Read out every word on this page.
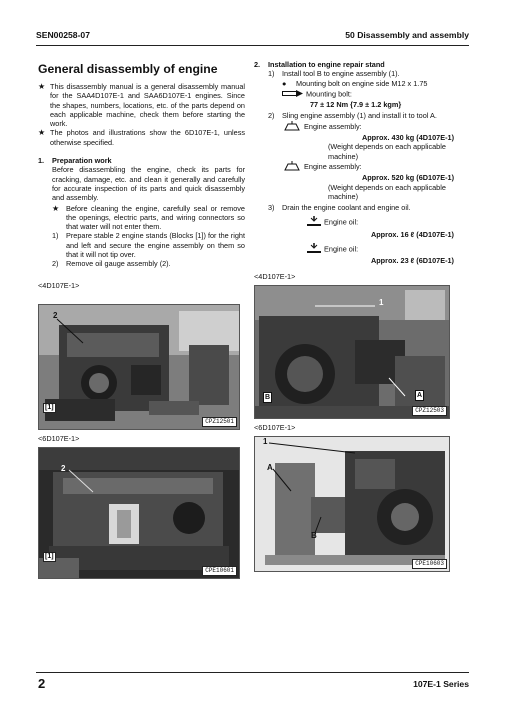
SEN00258-07	50 Disassembly and assembly
General disassembly of engine
★ This disassembly manual is a general disassembly manual for the SAA4D107E-1 and SAA6D107E-1 engines. Since the shapes, numbers, locations, etc. of the parts depend on each applicable machine, check them before starting the work.

★ The photos and illustrations show the 6D107E-1, unless otherwise specified.

1.	Preparation work

Before disassembling the engine, check its parts for cracking, damage, etc. and clean it generally and carefully for accurate inspection of its parts and quick disassembly and assembly.

★ Before cleaning the engine, carefully seal or remove the openings, electric parts, and wiring connectors so that water will not enter them.

1)	Prepare stable 2 engine stands (Blocks [1]) for the right and left and secure the engine assembly on them so that it will not tip over.

2)	Remove oil gauge assembly (2).

<4D107E-1>

2
[1]
CPZ12501

<6D107E-1>

2
[1]
CPE10601
2.	Installation to engine repair stand
1)	Install tool B to engine assembly (1).

●	Mounting bolt on engine side M12 x 1.75

Mounting bolt:

77 ± 12 Nm {7.9 ± 1.2 kgm}

2)	Sling engine assembly (1) and install it to tool A.

Engine assembly:

Approx. 430 kg (4D107E-1)

(Weight depends on each applicable machine)

Engine assembly:

Approx. 520 kg (6D107E-1)

(Weight depends on each applicable machine)

3)	Drain the engine coolant and engine oil.

Engine oil:

Approx. 16 ℓ (4D107E-1)

Engine oil:

Approx. 23 ℓ (6D107E-1)

<4D107E-1>

1
A
B
CPZ12503

<6D107E-1>

1
A
B
CPE10603
2	107E-1 Series
